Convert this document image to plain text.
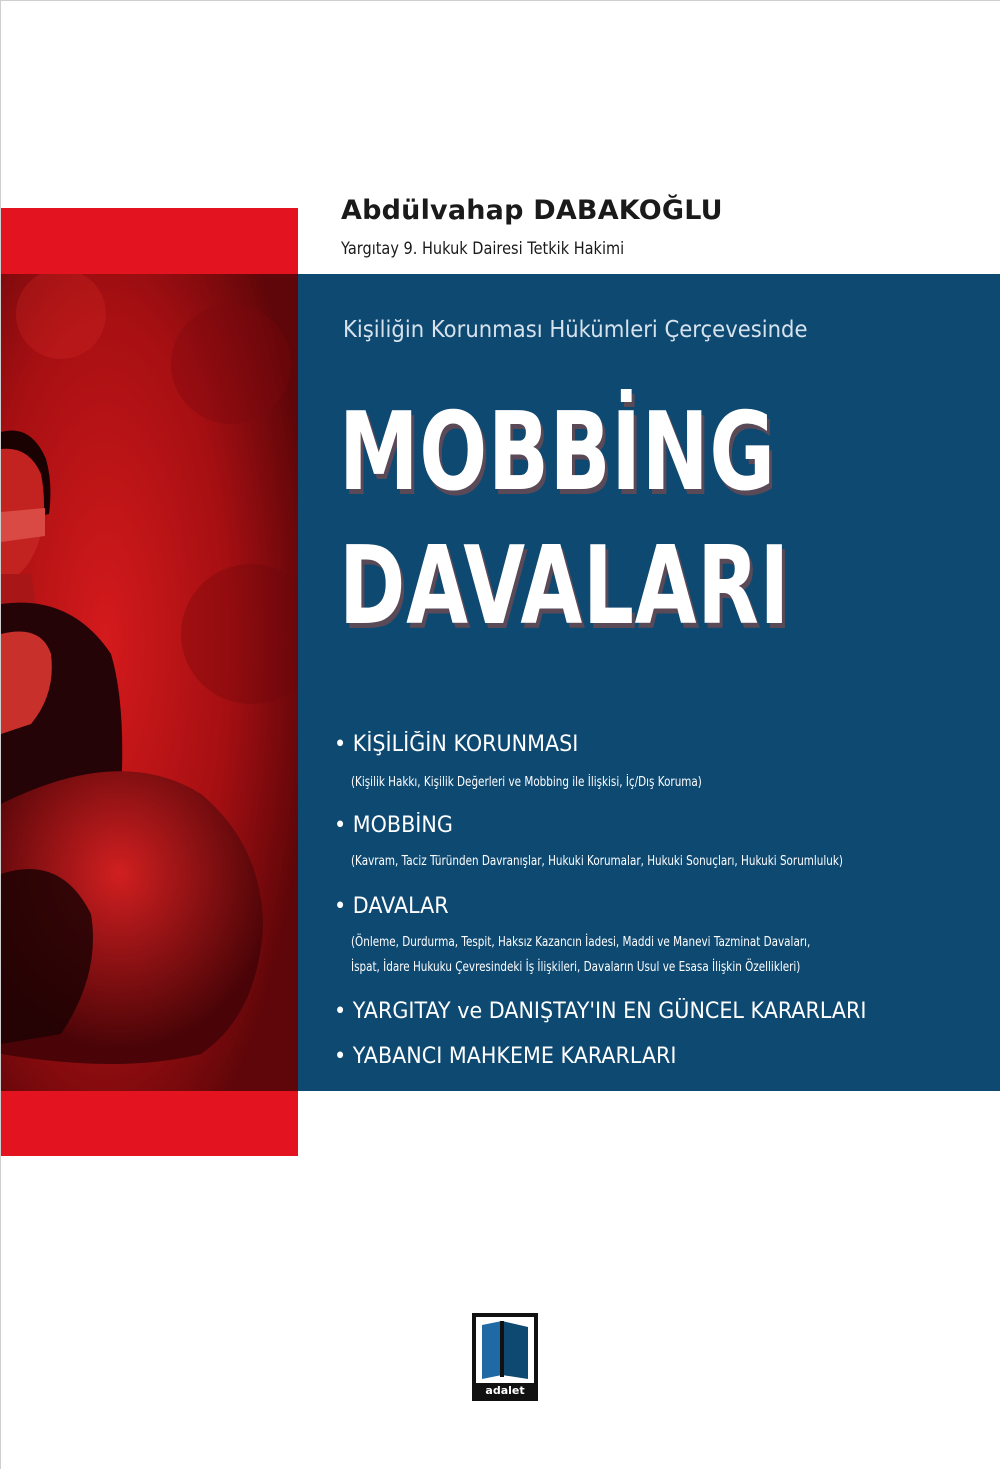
Abdülvahap DABAKOĞLU
Yargıtay 9. Hukuk Dairesi Tetkik Hakimi
Kişiliğin Korunması Hükümleri Çerçevesinde
MOBBİNG
DAVALARI
• KİŞİLİĞİN KORUNMASI
(Kişilik Hakkı, Kişilik Değerleri ve Mobbing ile İlişkisi, İç/Dış Koruma)
• MOBBİNG
(Kavram, Taciz Türünden Davranışlar, Hukuki Korumalar, Hukuki Sonuçları, Hukuki Sorumluluk)
• DAVALAR
(Önleme, Durdurma, Tespit, Haksız Kazancın İadesi, Maddi ve Manevi Tazminat Davaları,
İspat, İdare Hukuku Çevresindeki İş İlişkileri, Davaların Usul ve Esasa İlişkin Özellikleri)
• YARGITAY ve DANIŞTAY'IN EN GÜNCEL KARARLARI
• YABANCI MAHKEME KARARLARI
adalet
